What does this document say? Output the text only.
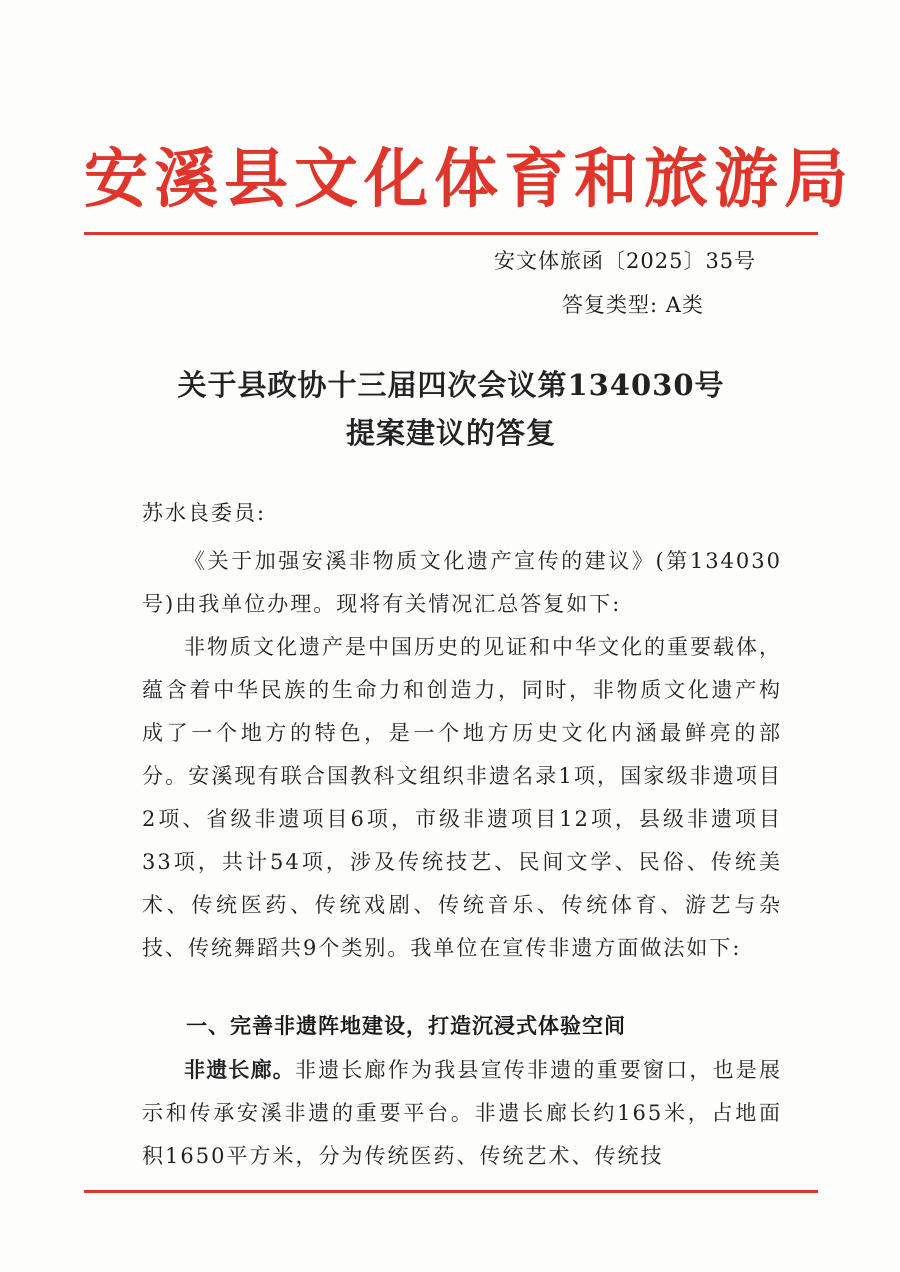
安溪县文化体育和旅游局
安文体旅函〔2025〕35号
答复类型: A类
关于县政协十三届四次会议第134030号
提案建议的答复
苏水良委员:

《关于加强安溪非物质文化遗产宣传的建议》(第134030号)由我单位办理。现将有关情况汇总答复如下:

非物质文化遗产是中国历史的见证和中华文化的重要载体，蕴含着中华民族的生命力和创造力，同时，非物质文化遗产构成了一个地方的特色，是一个地方历史文化内涵最鲜亮的部分。安溪现有联合国教科文组织非遗名录1项，国家级非遗项目2项、省级非遗项目6项，市级非遗项目12项，县级非遗项目33项，共计54项，涉及传统技艺、民间文学、民俗、传统美术、传统医药、传统戏剧、传统音乐、传统体育、游艺与杂技、传统舞蹈共9个类别。我单位在宣传非遗方面做法如下:

一、完善非遗阵地建设，打造沉浸式体验空间

非遗长廊。非遗长廊作为我县宣传非遗的重要窗口，也是展示和传承安溪非遗的重要平台。非遗长廊长约165米，占地面积1650平方米，分为传统医药、传统艺术、传统技
